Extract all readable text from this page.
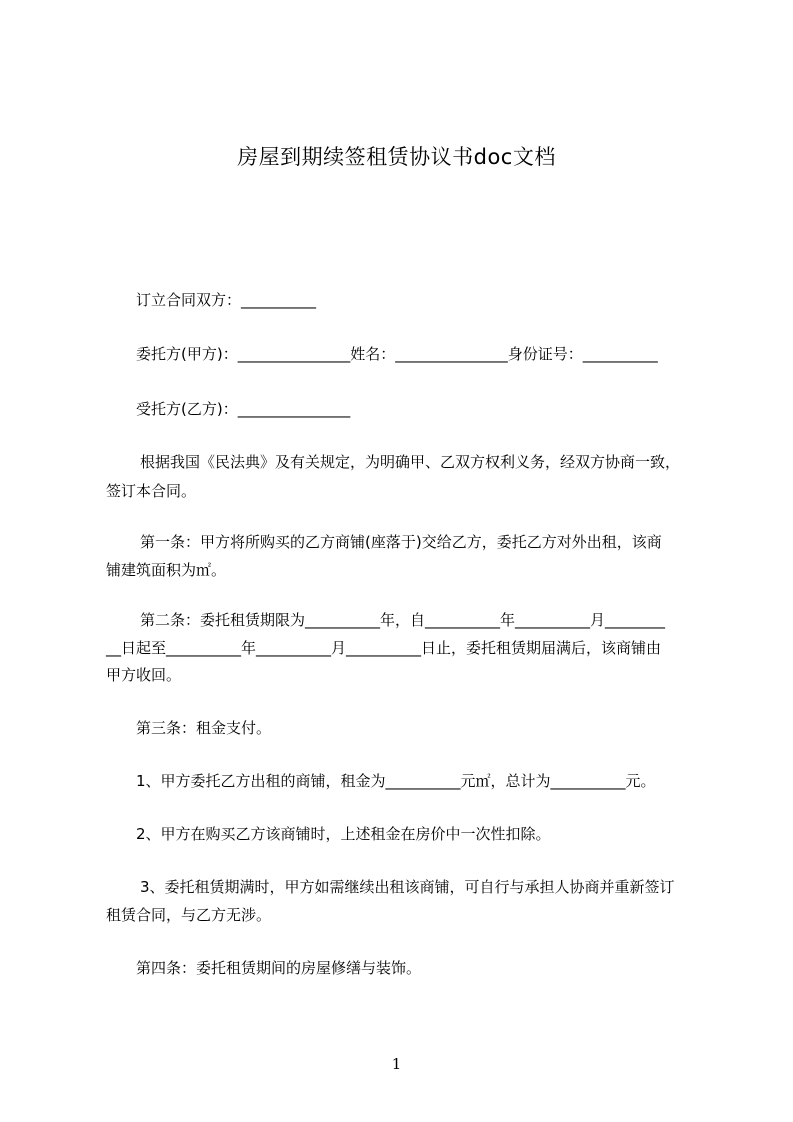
房屋到期续签租赁协议书doc文档
订立合同双方：__________
委托方(甲方)：_______________姓名：_______________身份证号：__________
受托方(乙方)：_______________
根据我国《民法典》及有关规定，为明确甲、乙双方权利义务，经双方协商一致，
签订本合同。
第一条：甲方将所购买的乙方商铺(座落于)交给乙方，委托乙方对外出租，该商
铺建筑面积为㎡。
第二条：委托租赁期限为__________年，自__________年__________月________
__日起至__________年__________月__________日止，委托租赁期届满后，该商铺由
甲方收回。
第三条：租金支付。
1、甲方委托乙方出租的商铺，租金为__________元㎡，总计为__________元。
2、甲方在购买乙方该商铺时，上述租金在房价中一次性扣除。
3、委托租赁期满时，甲方如需继续出租该商铺，可自行与承担人协商并重新签订
租赁合同，与乙方无涉。
第四条：委托租赁期间的房屋修缮与装饰。
1
